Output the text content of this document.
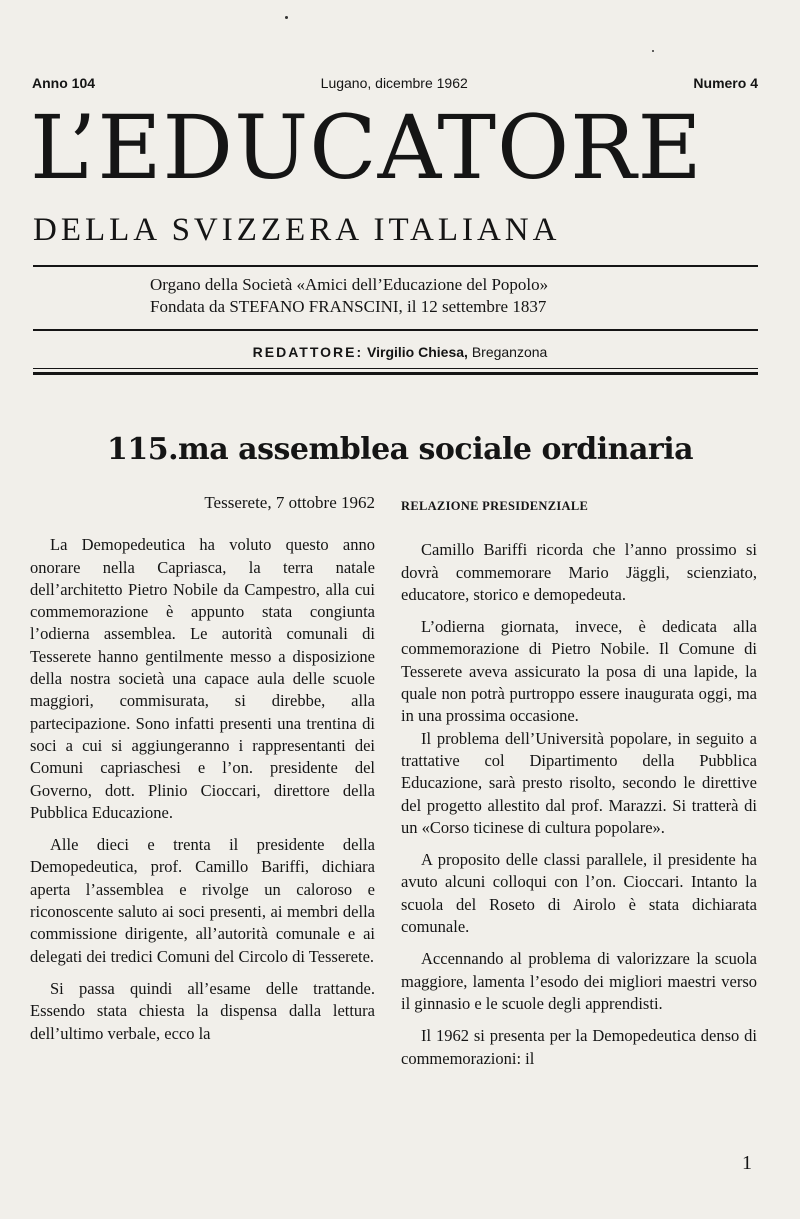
Anno 104	Lugano, dicembre 1962	Numero 4
L’EDUCATORE
DELLA SVIZZERA ITALIANA
Organo della Società «Amici dell’Educazione del Popolo»
Fondata da STEFANO FRANSCINI, il 12 settembre 1837
REDATTORE: Virgilio Chiesa, Breganzona
115.ma assemblea sociale ordinaria
Tesserete, 7 ottobre 1962

La Demopedeutica ha voluto questo anno onorare nella Capriasca, la terra natale dell’architetto Pietro Nobile da Campestro, alla cui commemorazione è appunto stata congiunta l’odierna assemblea. Le autorità comunali di Tesserete hanno gentilmente messo a disposizione della nostra società una capace aula delle scuole maggiori, commisurata, si direbbe, alla partecipazione. Sono infatti presenti una trentina di soci a cui si aggiungeranno i rappresentanti dei Comuni capriaschesi e l’on. presidente del Governo, dott. Plinio Cioccari, direttore della Pubblica Educazione.

Alle dieci e trenta il presidente della Demopedeutica, prof. Camillo Bariffi, dichiara aperta l’assemblea e rivolge un caloroso e riconoscente saluto ai soci presenti, ai membri della commissione dirigente, all’autorità comunale e ai delegati dei tredici Comuni del Circolo di Tesserete.

Si passa quindi all’esame delle trattande. Essendo stata chiesta la dispensa dalla lettura dell’ultimo verbale, ecco la

RELAZIONE PRESIDENZIALE

Camillo Bariffi ricorda che l’anno prossimo si dovrà commemorare Mario Jäggli, scienziato, educatore, storico e demopedeuta.

L’odierna giornata, invece, è dedicata alla commemorazione di Pietro Nobile. Il Comune di Tesserete aveva assicurato la posa di una lapide, la quale non potrà purtroppo essere inaugurata oggi, ma in una prossima occasione.

Il problema dell’Università popolare, in seguito a trattative col Dipartimento della Pubblica Educazione, sarà presto risolto, secondo le direttive del progetto allestito dal prof. Marazzi. Si tratterà di un «Corso ticinese di cultura popolare».

A proposito delle classi parallele, il presidente ha avuto alcuni colloqui con l’on. Cioccari. Intanto la scuola del Roseto di Airolo è stata dichiarata comunale.

Accennando al problema di valorizzare la scuola maggiore, lamenta l’esodo dei migliori maestri verso il ginnasio e le scuole degli apprendisti.

Il 1962 si presenta per la Demopedeutica denso di commemorazioni: il

1
